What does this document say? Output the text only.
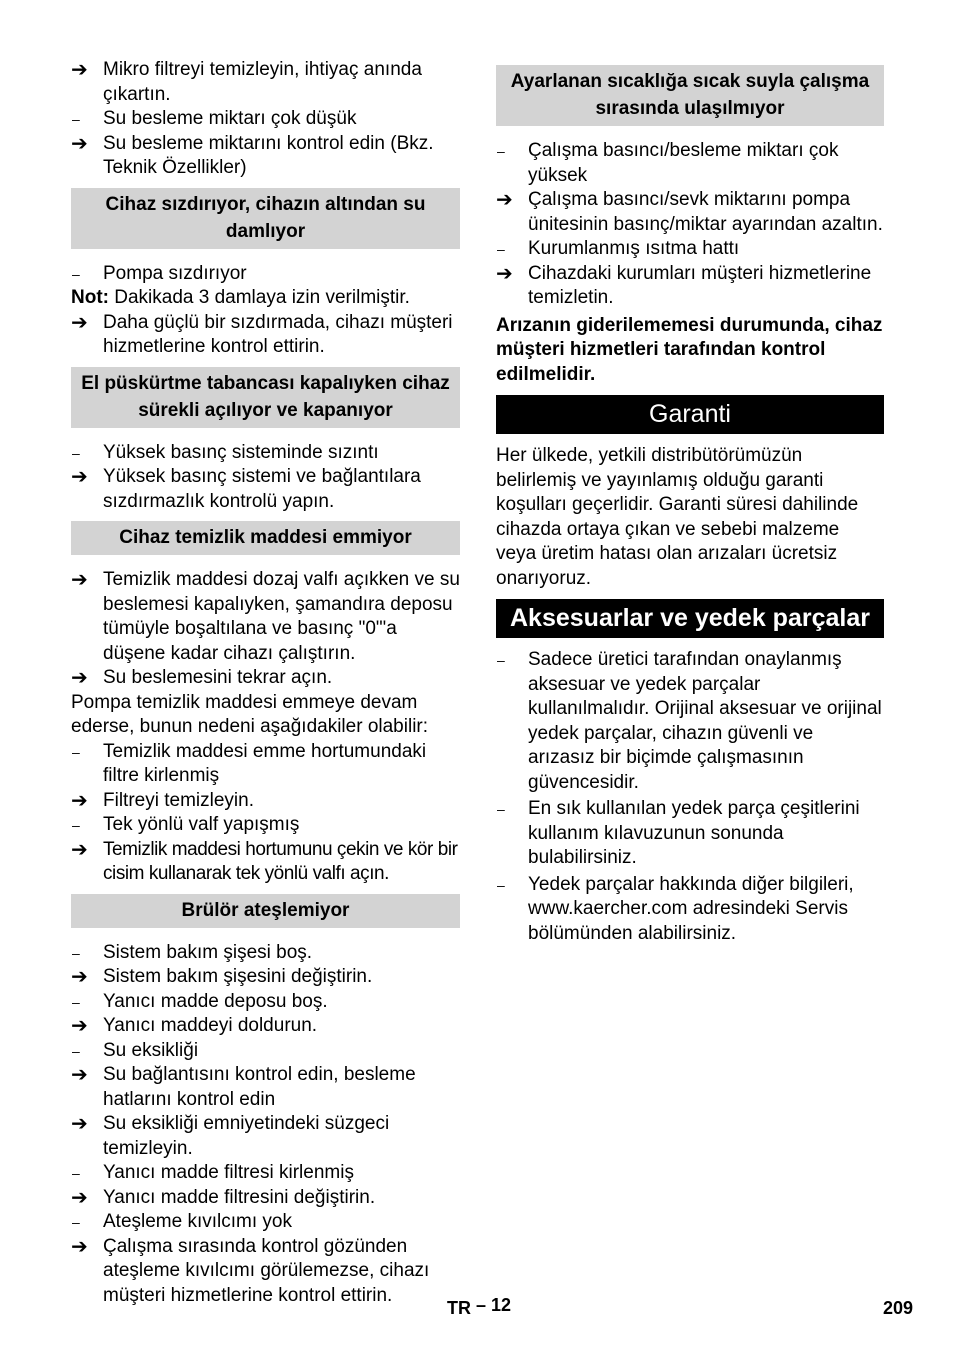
➔ Mikro filtreyi temizleyin, ihtiyaç anında çıkartın.
–	Su besleme miktarı çok düşük
➔ Su besleme miktarını kontrol edin (Bkz. Teknik Özellikler)
Cihaz sızdırıyor, cihazın altından su damlıyor
–	Pompa sızdırıyor

Not: Dakikada 3 damlaya izin verilmiştir.

➔ Daha güçlü bir sızdırmada, cihazı müşteri hizmetlerine kontrol ettirin.
El püskürtme tabancası kapalıyken cihaz sürekli açılıyor ve kapanıyor
–	Yüksek basınç sisteminde sızıntı
➔ Yüksek basınç sistemi ve bağlantılara sızdırmazlık kontrolü yapın.
Cihaz temizlik maddesi emmiyor
➔ Temizlik maddesi dozaj valfı açıkken ve su beslemesi kapalıyken, şamandıra deposu tümüyle boşaltılana ve basınç "0"'a düşene kadar cihazı çalıştırın.
➔ Su beslemesini tekrar açın.

Pompa temizlik maddesi emmeye devam ederse, bunun nedeni aşağıdakiler olabilir:

–	Temizlik maddesi emme hortumundaki filtre kirlenmiş
➔ Filtreyi temizleyin.
–	Tek yönlü valf yapışmış
➔ Temizlik maddesi hortumunu çekin ve kör bir cisim kullanarak tek yönlü valfı açın.
Brülör ateşlemiyor
–	Sistem bakım şişesi boş.
➔ Sistem bakım şişesini değiştirin.
–	Yanıcı madde deposu boş.
➔ Yanıcı maddeyi doldurun.
–	Su eksikliği
➔ Su bağlantısını kontrol edin, besleme hatlarını kontrol edin
➔ Su eksikliği emniyetindeki süzgeci temizleyin.
–	Yanıcı madde filtresi kirlenmiş
➔ Yanıcı madde filtresini değiştirin.
–	Ateşleme kıvılcımı yok
➔ Çalışma sırasında kontrol gözünden ateşleme kıvılcımı görülemezse, cihazı müşteri hizmetlerine kontrol ettirin.
Ayarlanan sıcaklığa sıcak suyla çalışma sırasında ulaşılmıyor
–	Çalışma basıncı/besleme miktarı çok yüksek
➔ Çalışma basıncı/sevk miktarını pompa ünitesinin basınç/miktar ayarından azaltın.
–	Kurumlanmış ısıtma hattı
➔ Cihazdaki kurumları müşteri hizmetlerine temizletin.

Arızanın giderilememesi durumunda, cihaz müşteri hizmetleri tarafından kontrol edilmelidir.

Garanti

Her ülkede, yetkili distribütörümüzün belirlemiş ve yayınlamış olduğu garanti koşulları geçerlidir. Garanti süresi dahilinde cihazda ortaya çıkan ve sebebi malzeme veya üretim hatası olan arızaları ücretsiz onarıyoruz.

Aksesuarlar ve yedek parçalar
–	Sadece üretici tarafından onaylanmış aksesuar ve yedek parçalar kullanılmalıdır. Orijinal aksesuar ve orijinal yedek parçalar, cihazın güvenli ve arızasız bir biçimde çalışmasının güvencesidir.
–	En sık kullanılan yedek parça çeşitlerini kullanım kılavuzunun sonunda bulabilirsiniz.
–	Yedek parçalar hakkında diğer bilgileri, www.kaercher.com adresindeki Servis bölümünden alabilirsiniz.
TR – 12	209
